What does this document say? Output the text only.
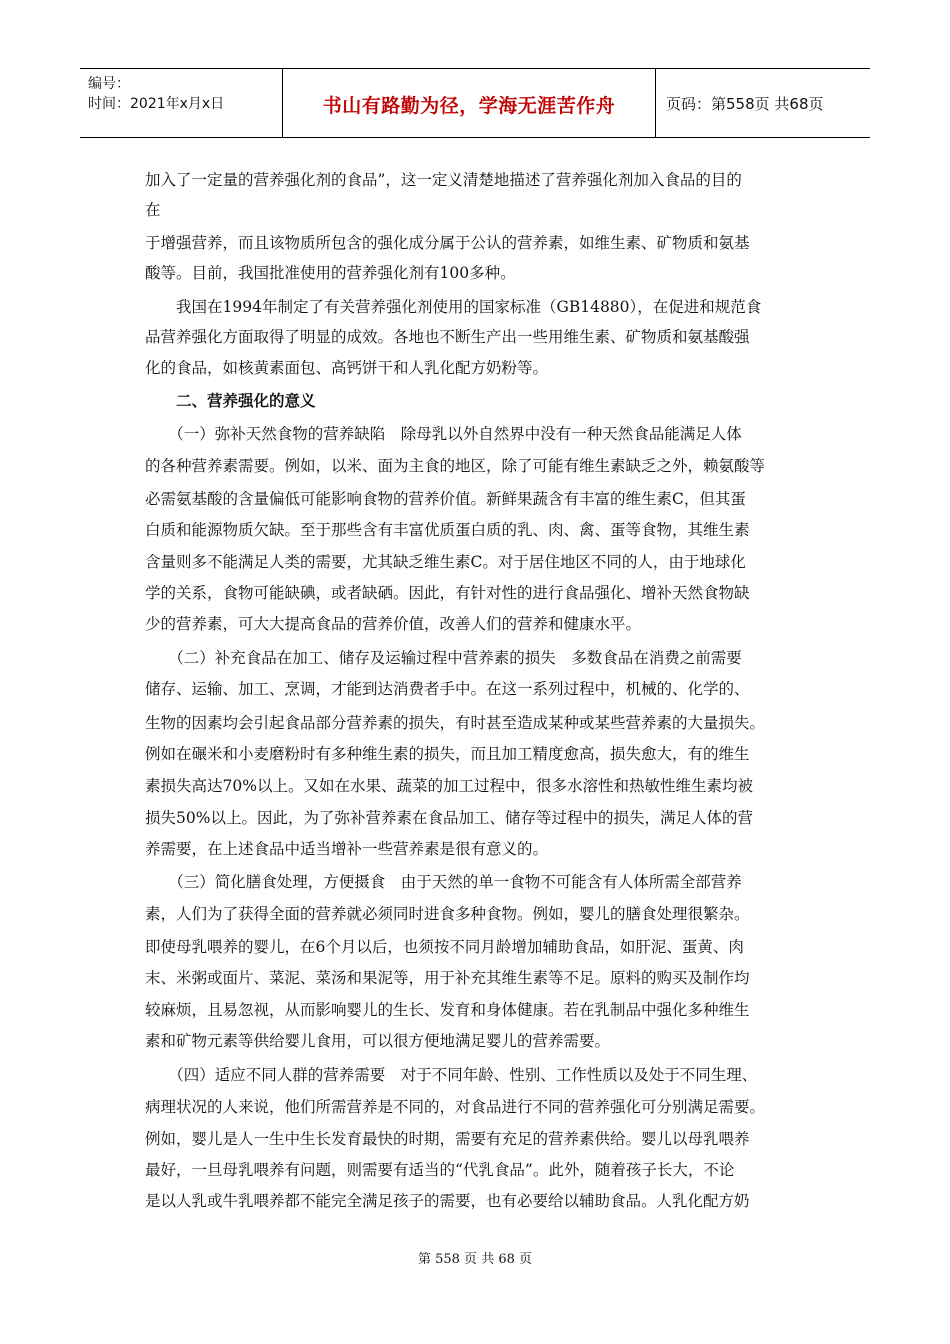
编号：
时间：2021年x月x日	书山有路勤为径，学海无涯苦作舟	页码：第558页 共68页
加入了一定量的营养强化剂的食品”，这一定义清楚地描述了营养强化剂加入食品的目的
在
于增强营养，而且该物质所包含的强化成分属于公认的营养素，如维生素、矿物质和氨基
酸等。目前，我国批准使用的营养强化剂有100多种。
　　我国在1994年制定了有关营养强化剂使用的国家标准（GB14880），在促进和规范食
品营养强化方面取得了明显的成效。各地也不断生产出一些用维生素、矿物质和氨基酸强
化的食品，如核黄素面包、高钙饼干和人乳化配方奶粉等。
　　二、营养强化的意义
　　（一）弥补天然食物的营养缺陷　除母乳以外自然界中没有一种天然食品能满足人体
的各种营养素需要。例如，以米、面为主食的地区，除了可能有维生素缺乏之外，赖氨酸等
必需氨基酸的含量偏低可能影响食物的营养价值。新鲜果蔬含有丰富的维生素C，但其蛋
白质和能源物质欠缺。至于那些含有丰富优质蛋白质的乳、肉、禽、蛋等食物，其维生素
含量则多不能满足人类的需要，尤其缺乏维生素C。对于居住地区不同的人，由于地球化
学的关系，食物可能缺碘，或者缺硒。因此，有针对性的进行食品强化、增补天然食物缺
少的营养素，可大大提高食品的营养价值，改善人们的营养和健康水平。
　　（二）补充食品在加工、储存及运输过程中营养素的损失　多数食品在消费之前需要
储存、运输、加工、烹调，才能到达消费者手中。在这一系列过程中，机械的、化学的、
生物的因素均会引起食品部分营养素的损失，有时甚至造成某种或某些营养素的大量损失。
例如在碾米和小麦磨粉时有多种维生素的损失，而且加工精度愈高，损失愈大，有的维生
素损失高达70%以上。又如在水果、蔬菜的加工过程中，很多水溶性和热敏性维生素均被
损失50%以上。因此，为了弥补营养素在食品加工、储存等过程中的损失，满足人体的营
养需要，在上述食品中适当增补一些营养素是很有意义的。
　　（三）简化膳食处理，方便摄食　由于天然的单一食物不可能含有人体所需全部营养
素，人们为了获得全面的营养就必须同时进食多种食物。例如，婴儿的膳食处理很繁杂。
即使母乳喂养的婴儿，在6个月以后，也须按不同月龄增加辅助食品，如肝泥、蛋黄、肉
末、米粥或面片、菜泥、菜汤和果泥等，用于补充其维生素等不足。原料的购买及制作均
较麻烦，且易忽视，从而影响婴儿的生长、发育和身体健康。若在乳制品中强化多种维生
素和矿物元素等供给婴儿食用，可以很方便地满足婴儿的营养需要。
　　（四）适应不同人群的营养需要　对于不同年龄、性别、工作性质以及处于不同生理、
病理状况的人来说，他们所需营养是不同的，对食品进行不同的营养强化可分别满足需要。
例如，婴儿是人一生中生长发育最快的时期，需要有充足的营养素供给。婴儿以母乳喂养
最好，一旦母乳喂养有问题，则需要有适当的“代乳食品”。此外，随着孩子长大，不论
是以人乳或牛乳喂养都不能完全满足孩子的需要，也有必要给以辅助食品。人乳化配方奶
第 558 页 共 68 页
